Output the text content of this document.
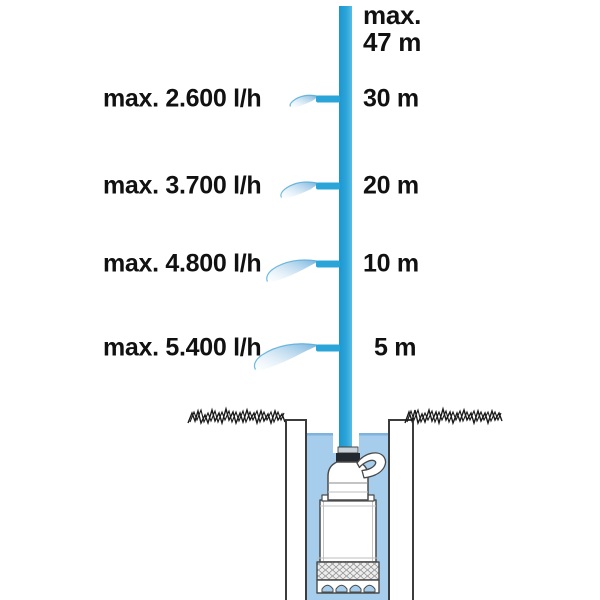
max.
47 m
max. 2.600 l/h	30 m
max. 3.700 l/h	20 m
max. 4.800 l/h	10 m
max. 5.400 l/h	5 m
